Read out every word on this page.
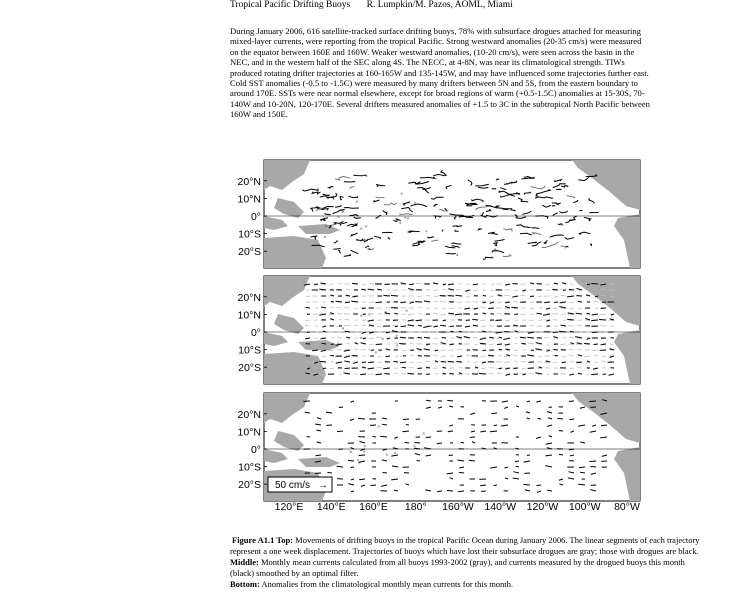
Tropical Pacific Drifting Buoys R. Lumpkin/M. Pazos, AOML, Miami
During January 2006, 616 satellite-tracked surface drifting buoys, 78% with subsurface drogues attached for measuring mixed-layer currents, were reporting from the tropical Pacific. Strong westward anomalies (20-35 cm/s) were measured on the equator between 160E and 160W. Weaker westward anomalies, (10-20 cm/s), were seen across the basin in the NEC, and in the western half of the SEC along 4S. The NECC, at 4-8N, was near its climatological strength. TIWs produced rotating drifter trajectories at 160-165W and 135-145W, and may have influenced some trajectories further east. Cold SST anomalies (-0.5 to -1.5C) were measured by many drifters between 5N and 5S, from the eastern boundary to around 170E. SSTs were near normal elsewhere, except for broad regions of warm (+0.5-1.5C) anomalies at 15-30S, 70-140W and 10-20N, 120-170E. Several drifters measured anomalies of +1.5 to 3C in the subtropical North Pacific between 160W and 150E.
20°N
10°N
0°
10°S
20°S
20°N
10°N
0°
10°S
20°S
20°N
10°N
0°
10°S
20°S
120°E 140°E 160°E 180° 160°W 140°W 120°W 100°W 80°W
50 cm/s →

Figure A1.1 Top: Movements of drifting buoys in the tropical Pacific Ocean during January 2006. The linear segments of each trajectory represent a one week displacement. Trajectories of buoys which have lost their subsurface drogues are gray; those with drogues are black.

Middle: Monthly mean currents calculated from all buoys 1993-2002 (gray), and currents measured by the drogued buoys this month (black) smoothed by an optimal filter.

Bottom: Anomalies from the climatological monthly mean currents for this month.
